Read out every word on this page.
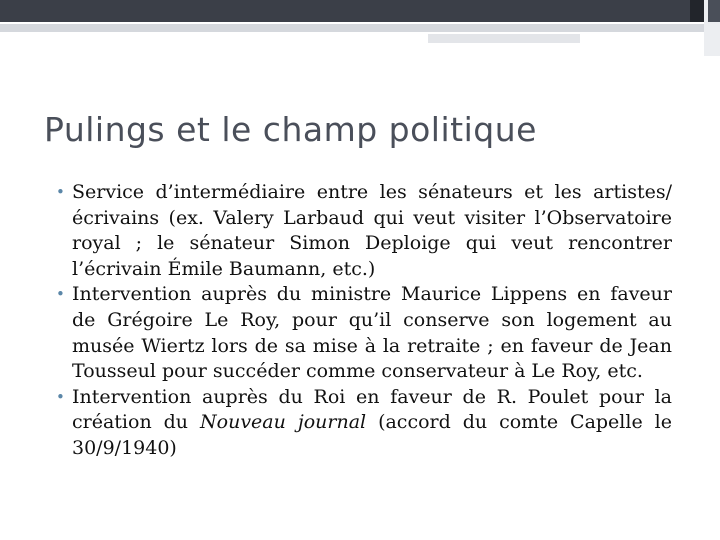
Pulings et le champ politique
• Service d’intermédiaire entre les sénateurs et les artistes/écrivains (ex. Valery Larbaud qui veut visiter l’Observatoire royal ; le sénateur Simon Deploige qui veut rencontrer l’écrivain Émile Baumann, etc.)
• Intervention auprès du ministre Maurice Lippens en faveur de Grégoire Le Roy, pour qu’il conserve son logement au musée Wiertz lors de sa mise à la retraite ; en faveur de Jean Tousseul pour succéder comme conservateur à Le Roy, etc.
• Intervention auprès du Roi en faveur de R. Poulet pour la création du Nouveau journal (accord du comte Capelle le 30/9/1940)
